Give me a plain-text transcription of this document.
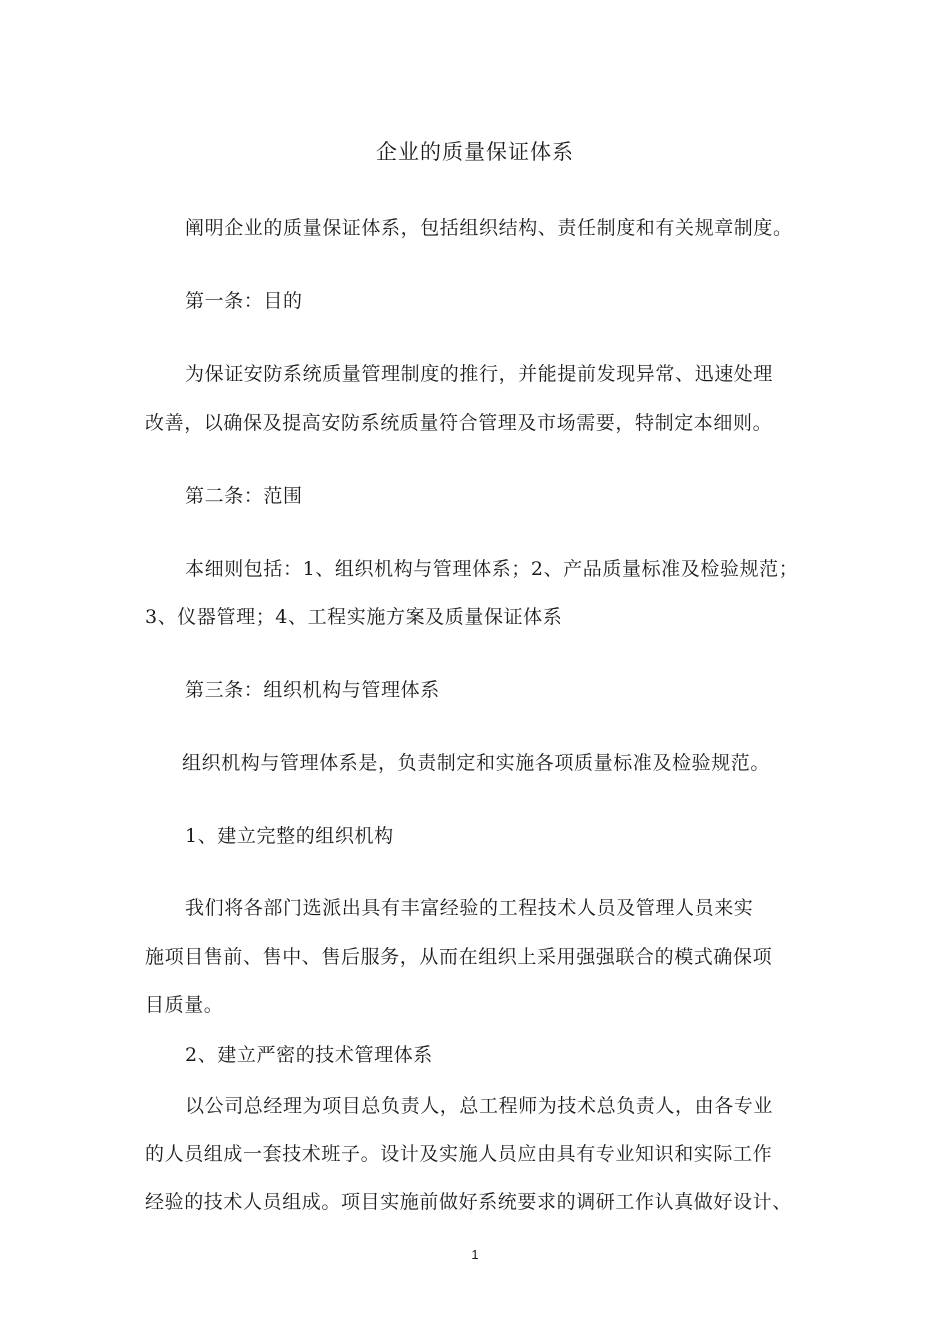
企业的质量保证体系
阐明企业的质量保证体系，包括组织结构、责任制度和有关规章制度。
第一条：目的
为保证安防系统质量管理制度的推行，并能提前发现异常、迅速处理
改善，以确保及提高安防系统质量符合管理及市场需要，特制定本细则。
第二条：范围
本细则包括：1、组织机构与管理体系；2、产品质量标准及检验规范；
3、仪器管理；4、工程实施方案及质量保证体系
第三条：组织机构与管理体系
组织机构与管理体系是，负责制定和实施各项质量标准及检验规范。
1、建立完整的组织机构
我们将各部门选派出具有丰富经验的工程技术人员及管理人员来实
施项目售前、售中、售后服务，从而在组织上采用强强联合的模式确保项
目质量。
2、建立严密的技术管理体系
以公司总经理为项目总负责人，总工程师为技术总负责人，由各专业
的人员组成一套技术班子。设计及实施人员应由具有专业知识和实际工作
经验的技术人员组成。项目实施前做好系统要求的调研工作认真做好设计、
1
